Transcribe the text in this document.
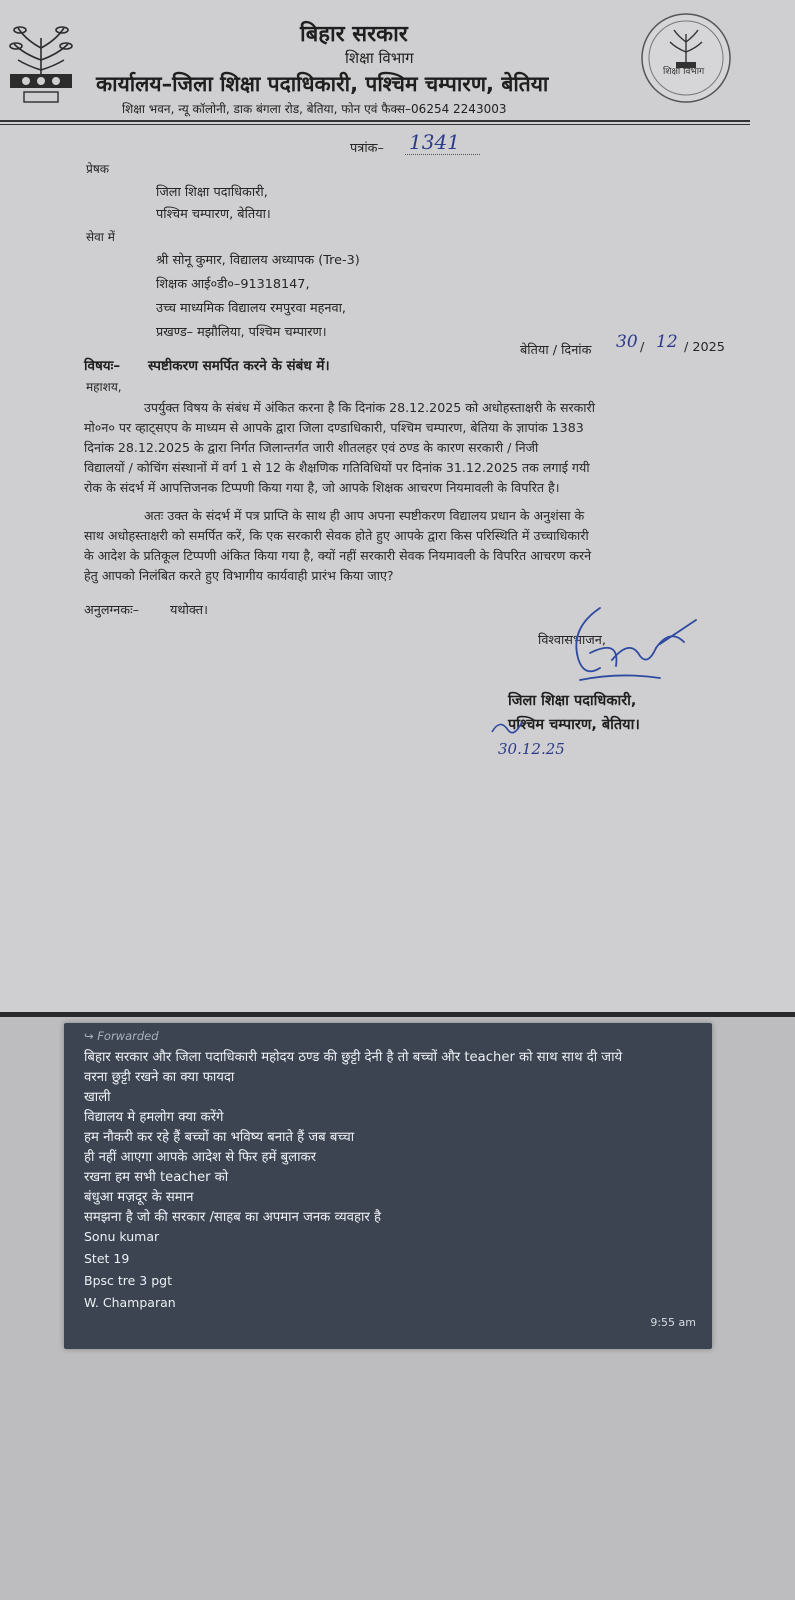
शिक्षा विभाग
बिहार सरकार
शिक्षा विभाग
कार्यालय–जिला शिक्षा पदाधिकारी, पश्चिम चम्पारण, बेतिया
शिक्षा भवन, न्यू कॉलोनी, डाक बंगला रोड, बेतिया, फोन एवं फैक्स–06254 2243003
पत्रांक– 1341
प्रेषक
जिला शिक्षा पदाधिकारी,
पश्चिम चम्पारण, बेतिया।
सेवा में
श्री सोनू कुमार, विद्यालय अध्यापक (Tre-3)
शिक्षक आई०डी०–91318147,
उच्च माध्यमिक विद्यालय रमपुरवा महनवा,
प्रखण्ड– मझौलिया, पश्चिम चम्पारण।
बेतिया / दिनांक 30 / 12 / 2025
विषयः– स्पष्टीकरण समर्पित करने के संबंध में।
महाशय,
उपर्युक्त विषय के संबंध में अंकित करना है कि दिनांक 28.12.2025 को अधोहस्ताक्षरी के सरकारी
मो०न० पर व्हाट्सएप के माध्यम से आपके द्वारा जिला दण्डाधिकारी, पश्चिम चम्पारण, बेतिया के ज्ञापांक 1383
दिनांक 28.12.2025 के द्वारा निर्गत जिलान्तर्गत जारी शीतलहर एवं ठण्ड के कारण सरकारी / निजी
विद्यालयों / कोचिंग संस्थानों में वर्ग 1 से 12 के शैक्षणिक गतिविधियों पर दिनांक 31.12.2025 तक लगाई गयी
रोक के संदर्भ में आपत्तिजनक टिप्पणी किया गया है, जो आपके शिक्षक आचरण नियमावली के विपरित है।
अतः उक्त के संदर्भ में पत्र प्राप्ति के साथ ही आप अपना स्पष्टीकरण विद्यालय प्रधान के अनुशंसा के
साथ अधोहस्ताक्षरी को समर्पित करें, कि एक सरकारी सेवक होते हुए आपके द्वारा किस परिस्थिति में उच्चाधिकारी
के आदेश के प्रतिकूल टिप्पणी अंकित किया गया है, क्यों नहीं सरकारी सेवक नियमावली के विपरित आचरण करने
हेतु आपको निलंबित करते हुए विभागीय कार्यवाही प्रारंभ किया जाए?
अनुलग्नकः– यथोक्त।
विश्वासभाजन,
जिला शिक्षा पदाधिकारी,
पश्चिम चम्पारण, बेतिया।
30.12.25
↪ Forwarded
बिहार सरकार और जिला पदाधिकारी महोदय ठण्ड की छुट्टी देनी है तो बच्चों और teacher को साथ साथ दी जाये
वरना छुट्टी रखने का क्या फायदा
खाली
विद्यालय मे हमलोग क्या करेंगे
हम नौकरी कर रहे हैं बच्चों का भविष्य बनाते हैं जब बच्चा
ही नहीं आएगा आपके आदेश से फिर हमें बुलाकर
रखना हम सभी teacher को
बंधुआ मज़दूर के समान
समझना है जो की सरकार /साहब का अपमान जनक व्यवहार है
Sonu kumar
Stet 19
Bpsc tre 3 pgt
W. Champaran
9:55 am
